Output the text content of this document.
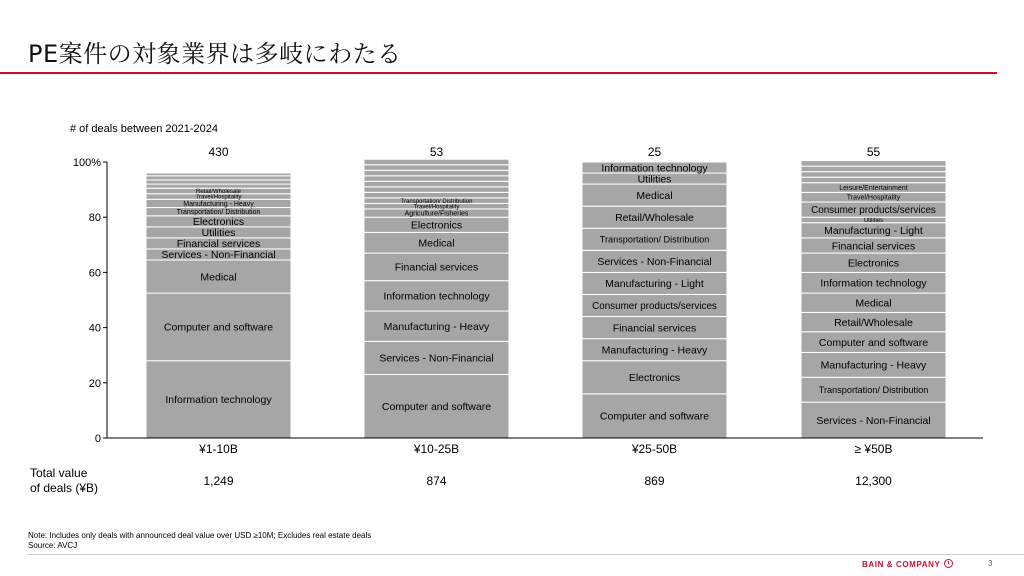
PE案件の対象業界は多岐にわたる
# of deals between 2021-2024
0
20
40
60
80
100%
Information technology
Computer and software
Medical
Services - Non-Financial
Financial services
Utilities
Electronics
Transportation/ Distribution
Manufacturing - Heavy
Travel/Hospitality
Retail/Wholesale
430
¥1-10B
1,249
Computer and software
Services - Non-Financial
Manufacturing - Heavy
Information technology
Financial services
Medical
Electronics
Agriculture/Fisheries
Travel/Hospitality
Transportation/ Distribution
53
¥10-25B
874
Computer and software
Electronics
Manufacturing - Heavy
Financial services
Consumer products/services
Manufacturing - Light
Services - Non-Financial
Transportation/ Distribution
Retail/Wholesale
Medical
Utilities
Information technology
25
¥25-50B
869
Services - Non-Financial
Transportation/ Distribution
Manufacturing - Heavy
Computer and software
Retail/Wholesale
Medical
Information technology
Electronics
Financial services
Manufacturing - Light
Utilities
Consumer products/services
Travel/Hospitality
Leisure/Entertainment
55
≥ ¥50B
12,300
Total value
of deals (¥B)
Note: Includes only deals with announced deal value over USD ≥10M; Excludes real estate deals
Source: AVCJ
BAIN & COMPANY	3
